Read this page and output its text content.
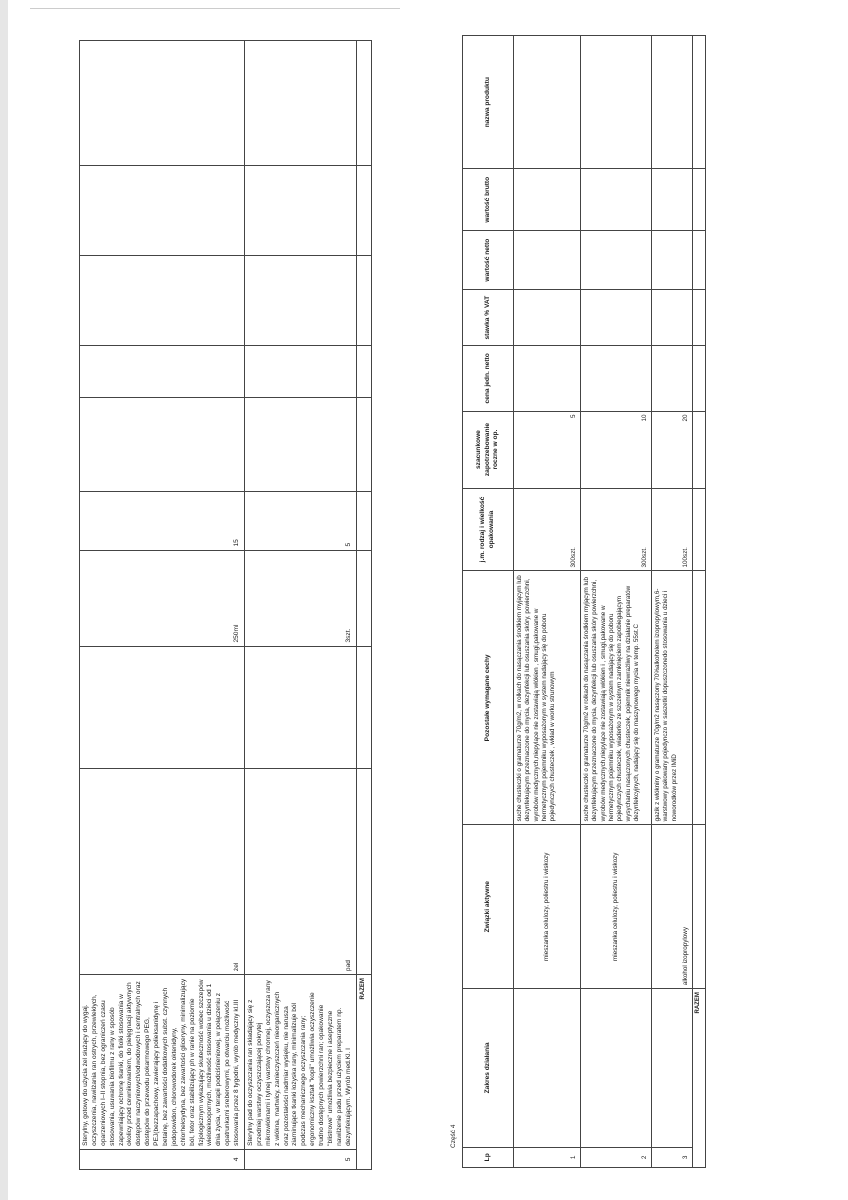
4	Sterylny, gotowy do użycia żel służący do wygaj. oczyszczenia, nawilżania ran ostrych, przewlekłych, oparzeniowych I–II stopnia, bez ograniczeń czasu stosowania, usuwania biofilmu z rany w sposób zapewniający ochronę tkanki, do fiolki stosowania w okolicy przed cewnikowaniem, do pielęgnacji aktywnych dostępów naczyniowych/odwodowych i centralnych oraz dostępów do przewodu pokarmowego PEG, PEJ(bezzapachowy, zawierający polieksanidynę i betainę, bez zawartości dodatkowych subst. czynnych jodopowidon, chlorowodorek oktenidyny, chlorheksydyna, bez zawartości gliceryny, minimalizujący ból, fetor oraz stabilizujący ph w ranie na poziomie fizjologicznym wykazujący skuteczność wobec szczepów wielolekoopornych, możliwość stosowania u dzieci od 1 dnia życia, w terapii podciśnieniowej, w połączeniu z opatrunkami sreberowymi, po otwarciu możliwość stosowania przez 8 tygodni, wyrób medyczny kl.III	żel		250ml	15					
5	Sterylny pad do oczyszczania ran składający się z przedniej warstwy oczyszczającej pokrytej mikrowłóknami i tylnej warstwy chronnej, oczyszcza rany z włókna, martwicy, zanieczyszczeń nieorganicznych oraz pozostałości nadmiar wysięku, nie narusza ziarninujące tkanki łożyska rany, minimalizuje ból podczas mechanicznego oczyszczania rany; ergonomiczny kształt "kopii" umożliwia oczyszczenie trudno dostępnych powierzchni ran; opakowanie "blistrowe" umożliwia bezpieczne i aseptyczne nawilżenie padu przed użyciem preparatem np. dezynfekującym. Wyrób med.Kl. I	pad		3szt.	5					
RAZEM										
Część 4
Lp	Zakres działania	Związki aktywne	Pozostałe wymagane cechy	j.m. rodzaj i wielkość opakowania	szacunkowe zapotrzebowanie roczne w op.	cena jedn. netto	stawka % VAT	wartość netto	wartość brutto	nazwa produktu
1		mieszanka celulozy, poliestru i wiskozy	suche chusteczki o gramaturze 70g/m2, w rolkach do nasączania środkiem myjącym lub dezynfekującym przeznaczone do mycia, dezynfekcji lub osuszania skóry, powierzchni, wyrobów medycznych,niepylące nie zostawiają włókien , smugi,pakowane w hermetycznym pojemniku wyposażonym w system nadający się do poboru pojedynczych chusteczek , wkład w worku strunowym	300szt.	5					
2		mieszanka celulozy, poliestru i wiskozy	suche chusteczki o gramaturze 70g/m2 w rolkach do nasączania środkiem myjącym lub dezynfekującym przeznaczone do mycia, dezynfekcji lub osuszania skóry powierzchni, wyrobów medycznych,niepylące nie zostawiają włókien i , smugi,pakowane w hermetycznym pojemniku wyposażonym w system nadający się do poboru pojedynczych chusteczek, wiaderko ze szczelnym zamknięciem zapobiegającym wysychaniu nasączonych chusteczek, pojemnik niewrażliwy na działanie preparatów dezynfekcyjnych, nadający się do maszynowego mycia w temp. 55st.C	300szt.	10					
3		alkohol izopropylowy	gazik z włókniny o gramaturze 70g/m2 nasączony 70%alkoholem izopropylowym,6-warstwowy pakowany pojedynczo w saszetki dopuszczonedo stosowania u dzieci i noworodków przez IMiD	100szt.	20					
RAZEM										
